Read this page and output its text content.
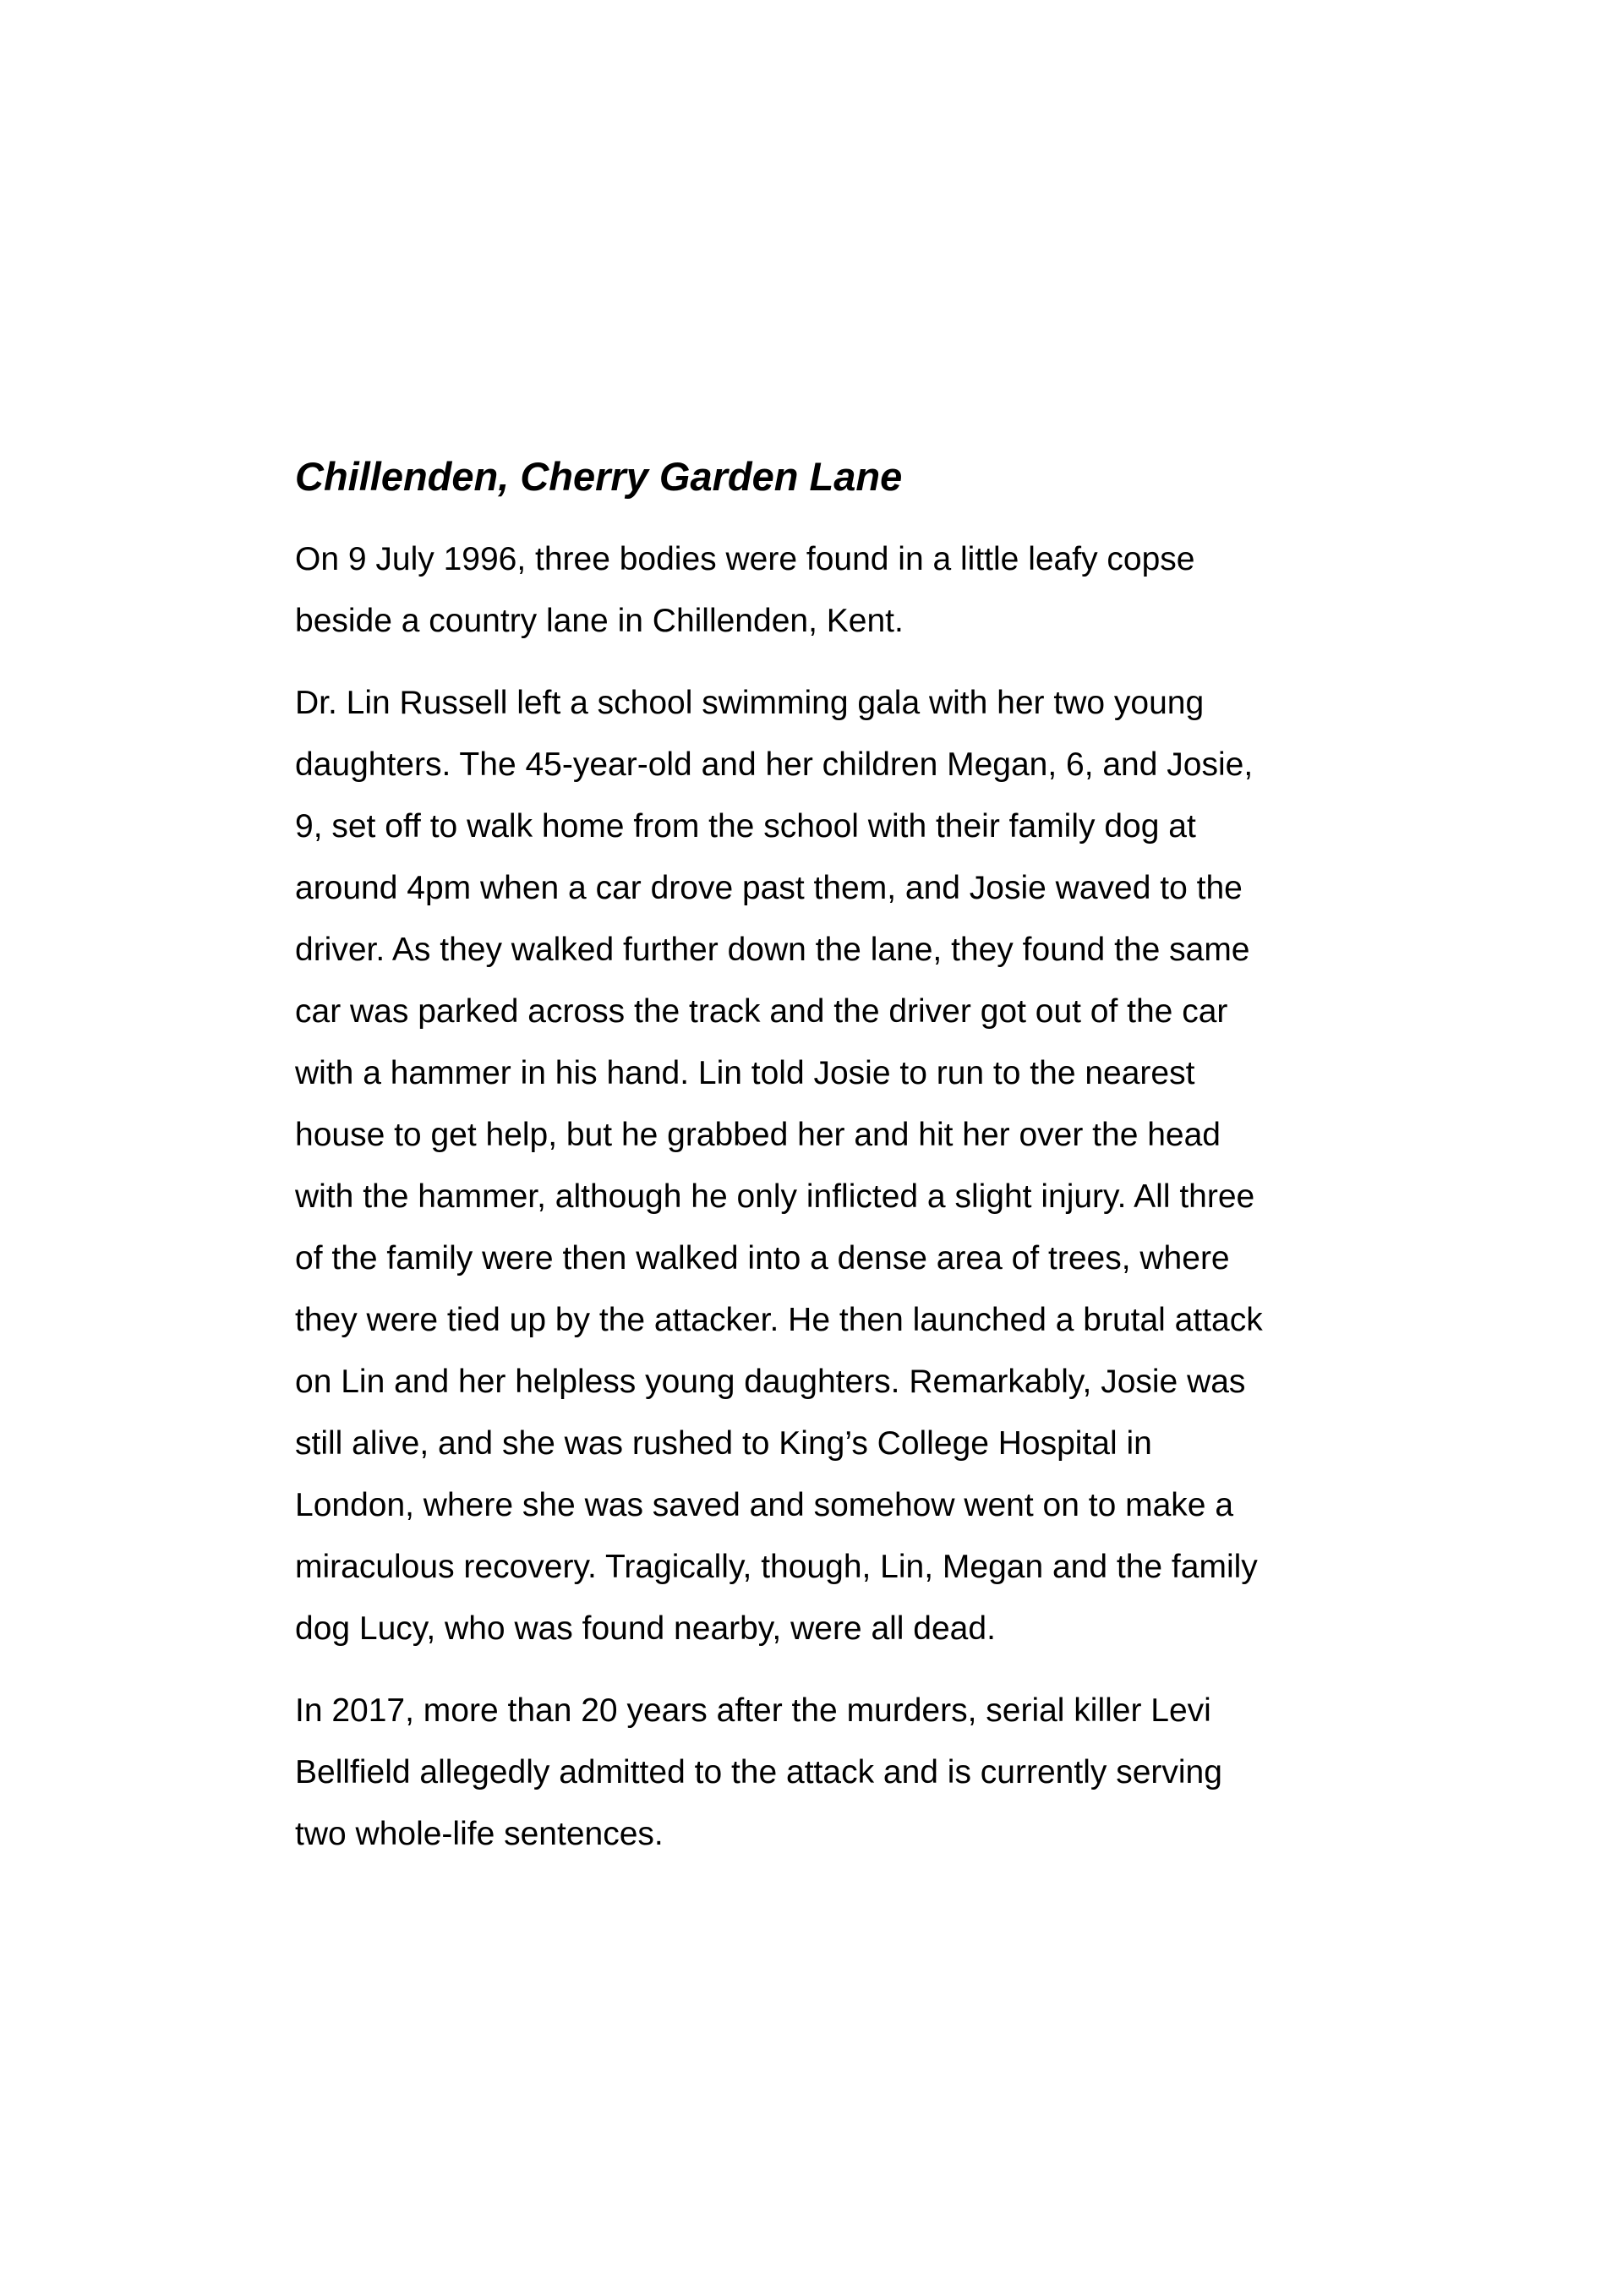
Chillenden, Cherry Garden Lane

On 9 July 1996, three bodies were found in a little leafy copse
beside a country lane in Chillenden, Kent.

Dr. Lin Russell left a school swimming gala with her two young
daughters. The 45-year-old and her children Megan, 6, and Josie,
9, set off to walk home from the school with their family dog at
around 4pm when a car drove past them, and Josie waved to the
driver. As they walked further down the lane, they found the same
car was parked across the track and the driver got out of the car
with a hammer in his hand. Lin told Josie to run to the nearest
house to get help, but he grabbed her and hit her over the head
with the hammer, although he only inflicted a slight injury. All three
of the family were then walked into a dense area of trees, where
they were tied up by the attacker. He then launched a brutal attack
on Lin and her helpless young daughters. Remarkably, Josie was
still alive, and she was rushed to King’s College Hospital in
London, where she was saved and somehow went on to make a
miraculous recovery. Tragically, though, Lin, Megan and the family
dog Lucy, who was found nearby, were all dead.

In 2017, more than 20 years after the murders, serial killer Levi
Bellfield allegedly admitted to the attack and is currently serving
two whole-life sentences.
